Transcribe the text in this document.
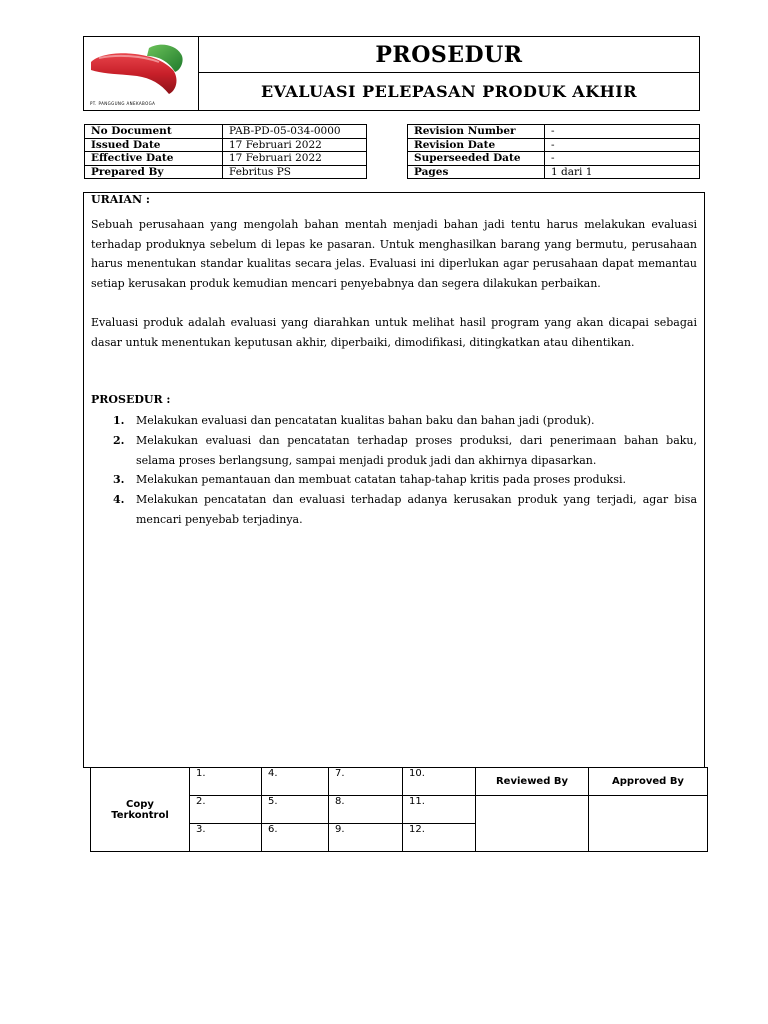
PT. PANGGUNG ANEKABOGA
PROSEDUR
EVALUASI PELEPASAN PRODUK AKHIR
No Document	PAB-PD-05-034-0000
Issued Date	17 Februari 2022
Effective Date	17 Februari 2022
Prepared By	Febritus PS
Revision Number	-
Revision Date	-
Superseeded Date	-
Pages	1 dari 1
URAIAN :
Sebuah perusahaan yang mengolah bahan mentah menjadi bahan jadi tentu harus melakukan evaluasi terhadap produknya sebelum di lepas ke pasaran. Untuk menghasilkan barang yang bermutu, perusahaan harus menentukan standar kualitas secara jelas. Evaluasi ini diperlukan agar perusahaan dapat memantau setiap kerusakan produk kemudian mencari penyebabnya dan segera dilakukan perbaikan.
Evaluasi produk adalah evaluasi yang diarahkan untuk melihat hasil program yang akan dicapai sebagai dasar untuk menentukan keputusan akhir, diperbaiki, dimodifikasi, ditingkatkan atau dihentikan.
PROSEDUR :
1. Melakukan evaluasi dan pencatatan kualitas bahan baku dan bahan jadi (produk).
2. Melakukan evaluasi dan pencatatan terhadap proses produksi, dari penerimaan bahan baku, selama proses berlangsung, sampai menjadi produk jadi dan akhirnya dipasarkan.
3. Melakukan pemantauan dan membuat catatan tahap-tahap kritis pada proses produksi.
4. Melakukan pencatatan dan evaluasi terhadap adanya kerusakan produk yang terjadi, agar bisa mencari penyebab terjadinya.
Copy
Terkontrol	1.	4.	7.	10.	Reviewed By	Approved By
	2.	5.	8.	11.		
	3.	6.	9.	12.		
